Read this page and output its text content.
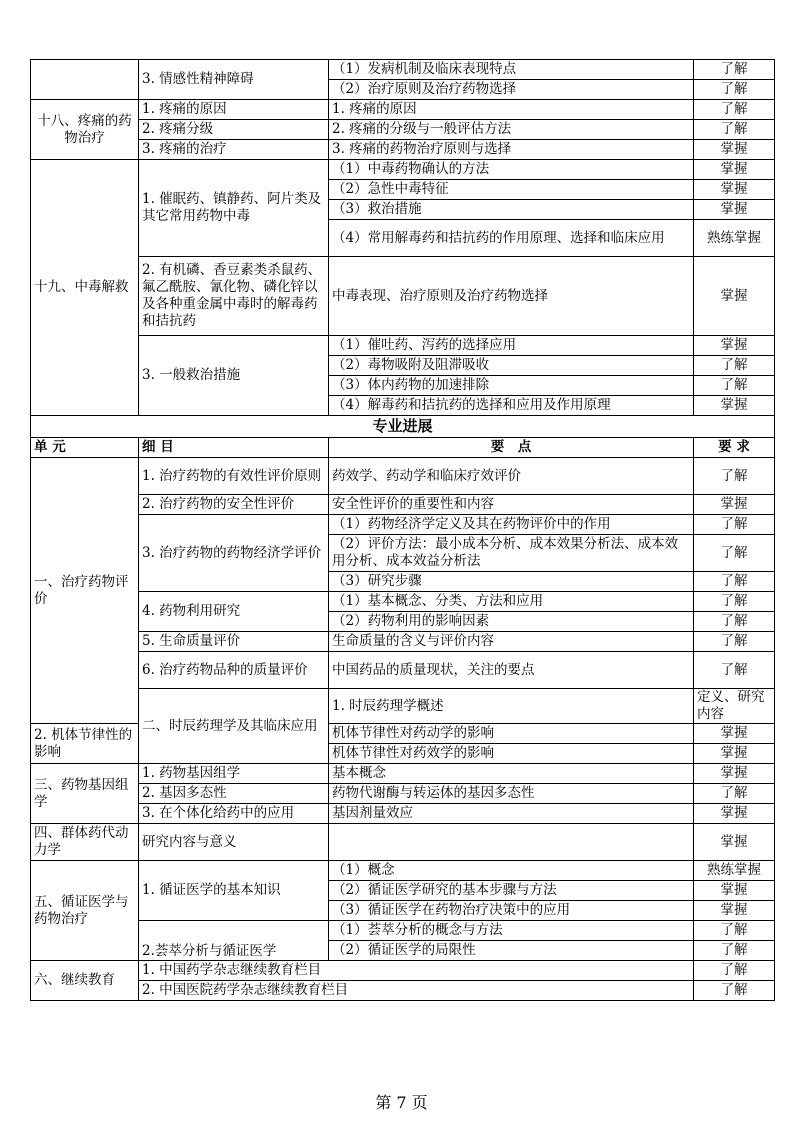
	3. 情感性精神障碍	（1）发病机制及临床表现特点	了解	
		（2）治疗原则及治疗药物选择	了解	
十八、疼痛的药物治疗	1. 疼痛的原因	1. 疼痛的原因	了解	
	2. 疼痛分级	2. 疼痛的分级与一般评估方法	了解	
	3. 疼痛的治疗	3. 疼痛的药物治疗原则与选择	掌握	
十九、中毒解救	1. 催眠药、镇静药、阿片类及其它常用药物中毒	（1）中毒药物确认的方法	掌握	
		（2）急性中毒特征	掌握	
		（3）救治措施	掌握	
		（4）常用解毒药和拮抗药的作用原理、选择和临床应用	熟练掌握	
	2. 有机磷、香豆素类杀鼠药、氟乙酰胺、氰化物、磷化锌以及各种重金属中毒时的解毒药和拮抗药	中毒表现、治疗原则及治疗药物选择	掌握	
	3. 一般救治措施	（1）催吐药、泻药的选择应用	掌握	
		（2）毒物吸附及阻滞吸收	了解	
		（3）体内药物的加速排除	了解	
		（4）解毒药和拮抗药的选择和应用及作用原理	掌握	
专业进展				
单 元	细 目	要　点	要 求	
一、治疗药物评价	1. 治疗药物的有效性评价原则	药效学、药动学和临床疗效评价	了解	
	2. 治疗药物的安全性评价	安全性评价的重要性和内容	掌握	
	3. 治疗药物的药物经济学评价	（1）药物经济学定义及其在药物评价中的作用	了解	
		（2）评价方法：最小成本分析、成本效果分析法、成本效用分析、成本效益分析法	了解	
		（3）研究步骤	了解	
	4. 药物利用研究	（1）基本概念、分类、方法和应用	了解	
		（2）药物利用的影响因素	了解	
	5. 生命质量评价	生命质量的含义与评价内容	了解	
	6. 治疗药物品种的质量评价	中国药品的质量现状，关注的要点	了解	
	二、时辰药理学及其临床应用	1. 时辰药理学概述	定义、研究内容	
2. 机体节律性的影响		机体节律性对药动学的影响	掌握	
		机体节律性对药效学的影响	掌握	
三、药物基因组学	1. 药物基因组学	基本概念	掌握	
	2. 基因多态性	药物代谢酶与转运体的基因多态性	了解	
	3. 在个体化给药中的应用	基因剂量效应	掌握	
四、群体药代动力学	研究内容与意义		掌握	
五、循证医学与药物治疗	1. 循证医学的基本知识	（1）概念	熟练掌握	
		（2）循证医学研究的基本步骤与方法	掌握	
		（3）循证医学在药物治疗决策中的应用	掌握	
	2.荟萃分析与循证医学	（1）荟萃分析的概念与方法	了解	
		（2）循证医学的局限性	了解	
六、继续教育	1. 中国药学杂志继续教育栏目		了解	
	2. 中国医院药学杂志继续教育栏目		了解	
第 7 页
